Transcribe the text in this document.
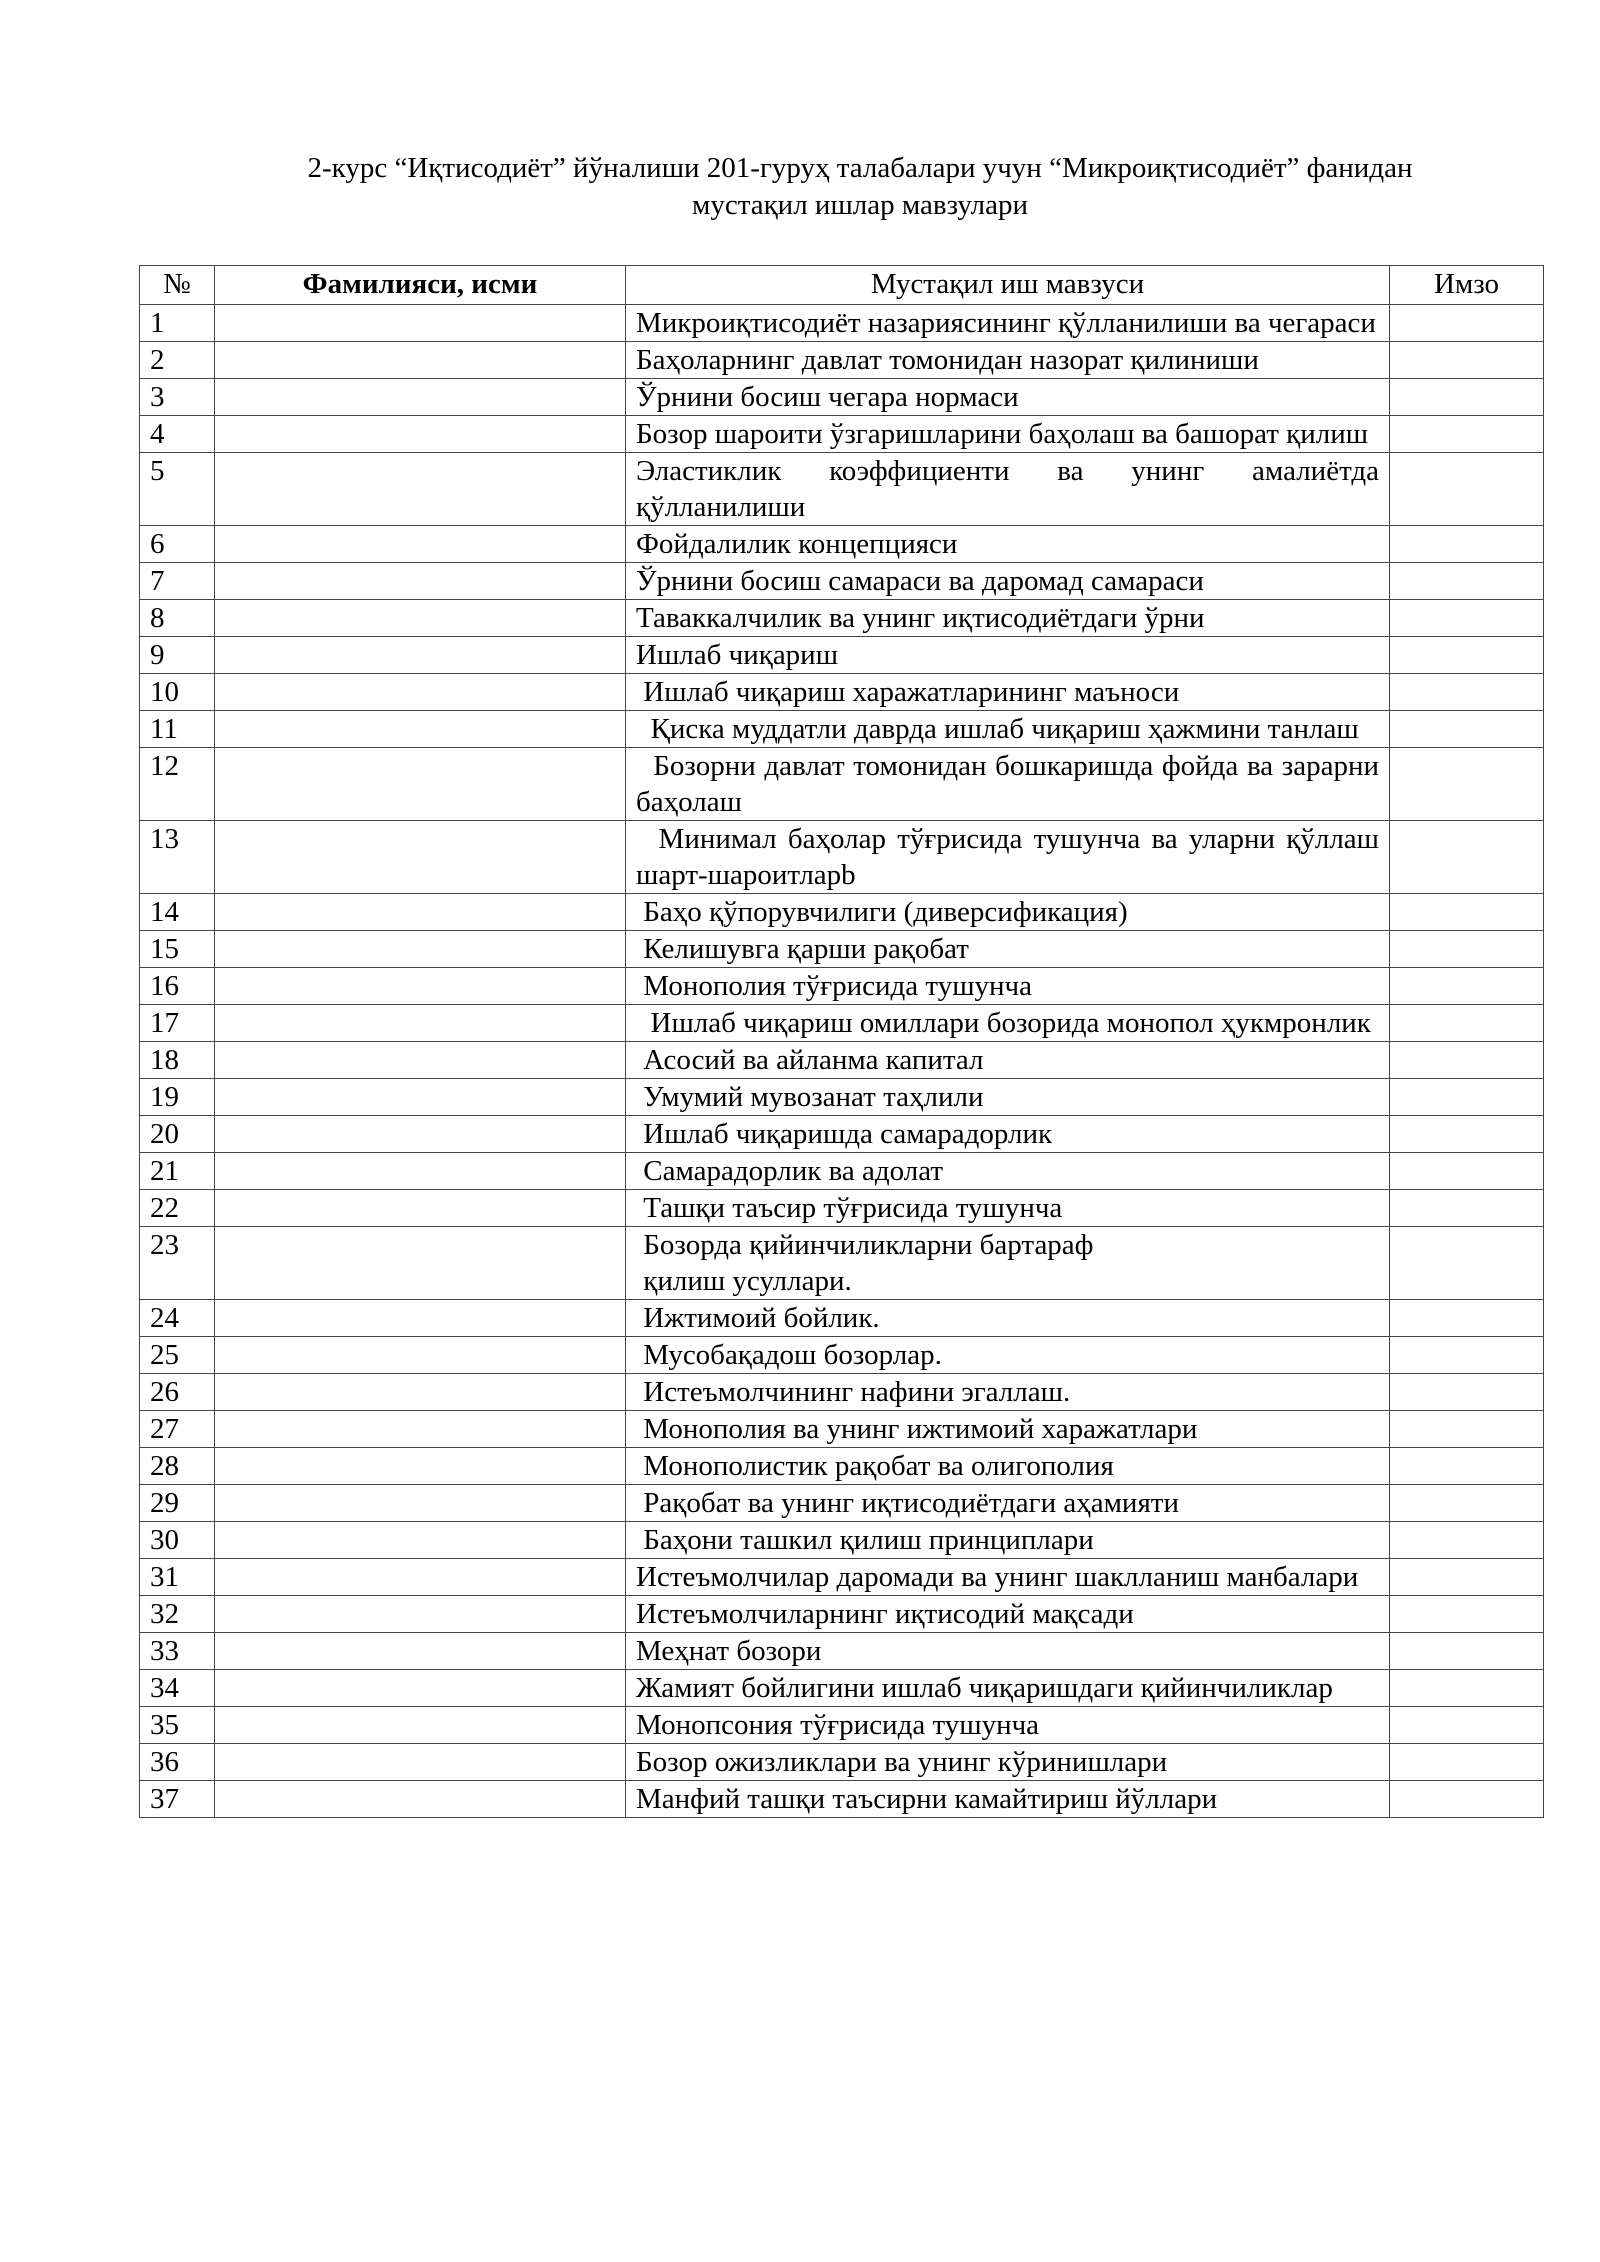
2-курс “Иқтисодиёт” йўналиши 201-гуруҳ талабалари учун “Микроиқтисодиёт” фанидан
мустақил ишлар мавзулари
№	Фамилияси, исми	Мустақил иш мавзуси	Имзо
1		Микроиқтисодиёт назариясининг қўлланилиши ва чегараси	
2		Баҳоларнинг давлат томонидан назорат қилиниши	
3		Ўрнини босиш чегара нормаси	
4		Бозор шароити ўзгаришларини баҳолаш ва башорат қилиш	
5		Эластиклик коэффициенти ва унинг амалиётда қўлланилиши	
6		Фойдалилик концепцияси	
7		Ўрнини босиш самараси ва даромад самараси	
8		Таваккалчилик ва унинг иқтисодиётдаги ўрни	
9		Ишлаб чиқариш	
10		Ишлаб чиқариш харажатларининг маъноси	
11		Қиска муддатли даврда ишлаб чиқариш ҳажмини танлаш	
12		Бозорни давлат томонидан бошкаришда фойда ва зарарни баҳолаш	
13		Минимал баҳолар тўғрисида тушунча ва уларни қўллаш шарт-шароитларb	
14		Баҳо қўпорувчилиги (диверсификация)	
15		Келишувга қарши рақобат	
16		Монополия тўғрисида тушунча	
17		Ишлаб чиқариш омиллари бозорида монопол ҳукмронлик	
18		Асосий ва айланма капитал	
19		Умумий мувозанат таҳлили	
20		Ишлаб чиқаришда самарадорлик	
21		Самарадорлик ва адолат	
22		Ташқи таъсир тўғрисида тушунча	
23		Бозорда қийинчиликларни бартараф
қилиш усуллари.	
24		Ижтимоий бойлик.	
25		Мусобақадош бозорлар.	
26		Истеъмолчининг нафини эгаллаш.	
27		Монополия ва унинг ижтимоий харажатлари	
28		Монополистик рақобат ва олигополия	
29		Рақобат ва унинг иқтисодиётдаги аҳамияти	
30		Баҳони ташкил қилиш принциплари	
31		Истеъмолчилар даромади ва унинг шаклланиш манбалари	
32		Истеъмолчиларнинг иқтисодий мақсади	
33		Меҳнат бозори	
34		Жамият бойлигини ишлаб чиқаришдаги қийинчиликлар	
35		Монопсония тўғрисида тушунча	
36		Бозор ожизликлари ва унинг кўринишлари	
37		Манфий ташқи таъсирни камайтириш йўллари	
